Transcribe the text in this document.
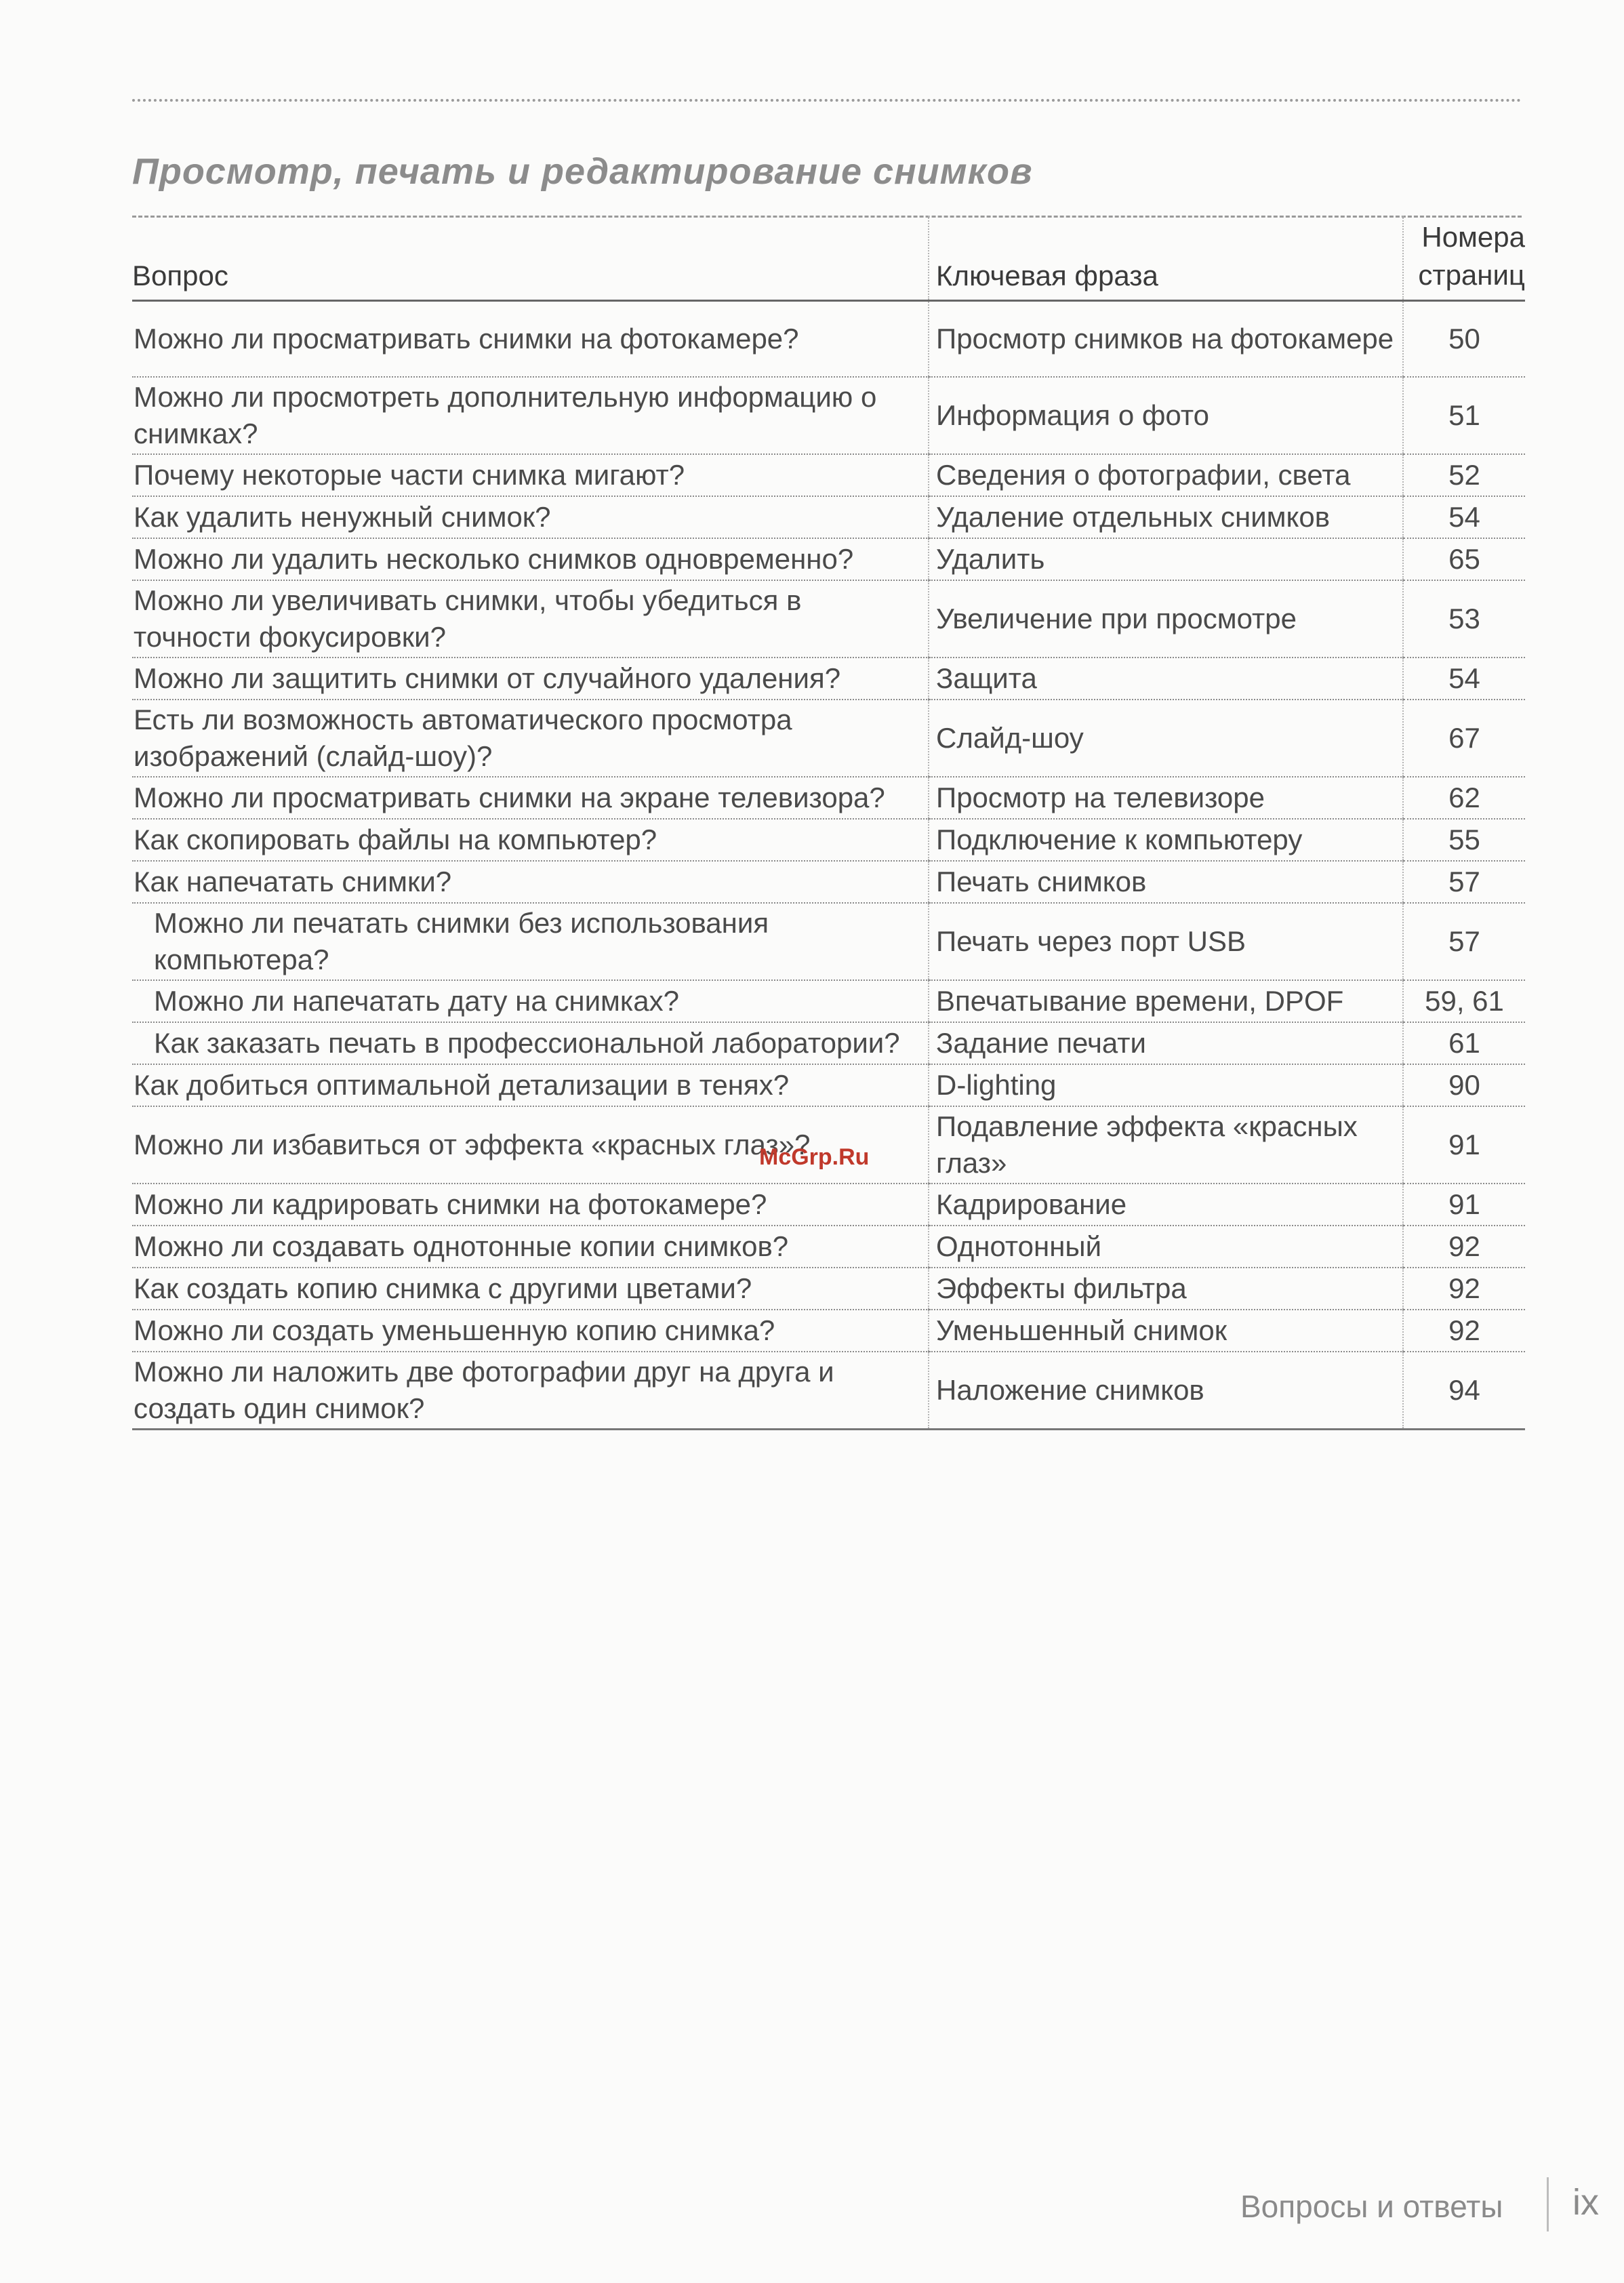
Просмотр, печать и редактирование снимков
Вопрос	Ключевая фраза	Номера
страниц
Можно ли просматривать снимки на фотокамере?	Просмотр снимков на фотокамере	50
Можно ли просмотреть дополнительную информацию о снимках?	Информация о фото	51
Почему некоторые части снимка мигают?	Сведения о фотографии, света	52
Как удалить ненужный снимок?	Удаление отдельных снимков	54
Можно ли удалить несколько снимков одновременно?	Удалить	65
Можно ли увеличивать снимки, чтобы убедиться в точности фокусировки?	Увеличение при просмотре	53
Можно ли защитить снимки от случайного удаления?	Защита	54
Есть ли возможность автоматического просмотра изображений (слайд-шоу)?	Слайд-шоу	67
Можно ли просматривать снимки на экране телевизора?	Просмотр на телевизоре	62
Как скопировать файлы на компьютер?	Подключение к компьютеру	55
Как напечатать снимки?	Печать снимков	57
Можно ли печатать снимки без использования компьютера?	Печать через порт USB	57
Можно ли напечатать дату на снимках?	Впечатывание времени, DPOF	59, 61
Как заказать печать в профессиональной лаборатории?	Задание печати	61
Как добиться оптимальной детализации в тенях?	D-lighting	90
Можно ли избавиться от эффекта «красных глаз»?	Подавление эффекта «красных глаз»	91
Можно ли кадрировать снимки на фотокамере?	Кадрирование	91
Можно ли создавать однотонные копии снимков?	Однотонный	92
Как создать копию снимка с другими цветами?	Эффекты фильтра	92
Можно ли создать уменьшенную копию снимка?	Уменьшенный снимок	92
Можно ли наложить две фотографии друг на друга и создать один снимок?	Наложение снимков	94
McGrp.Ru
Вопросы и ответы ix
